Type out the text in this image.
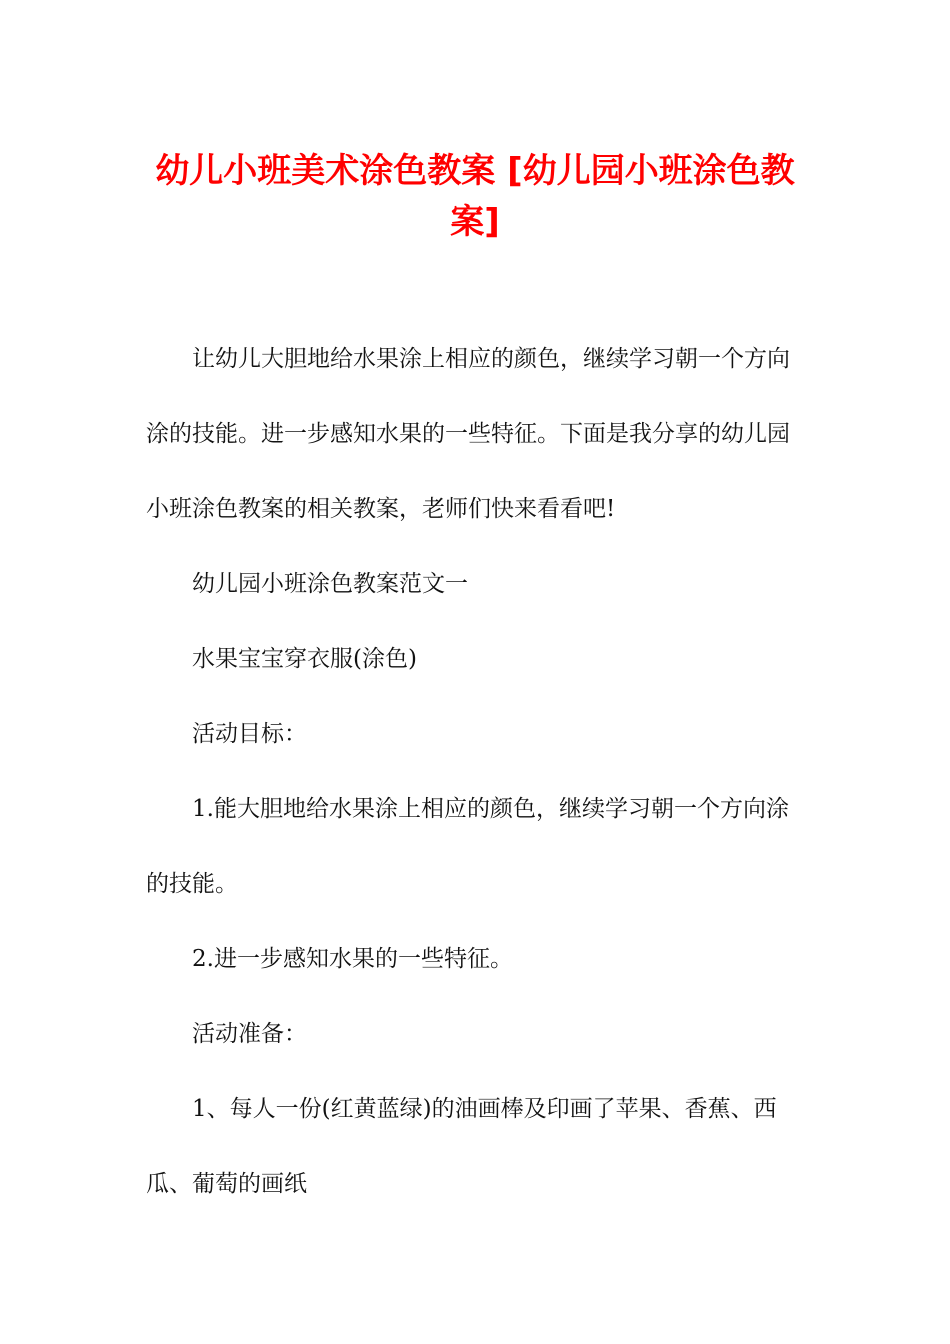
幼儿小班美术涂色教案 [幼儿园小班涂色教案]

让幼儿大胆地给水果涂上相应的颜色，继续学习朝一个方向涂的技能。进一步感知水果的一些特征。下面是我分享的幼儿园小班涂色教案的相关教案，老师们快来看看吧!

幼儿园小班涂色教案范文一

水果宝宝穿衣服(涂色)

活动目标：

1.能大胆地给水果涂上相应的颜色，继续学习朝一个方向涂的技能。

2.进一步感知水果的一些特征。

活动准备：

1、每人一份(红黄蓝绿)的油画棒及印画了苹果、香蕉、西瓜、葡萄的画纸
